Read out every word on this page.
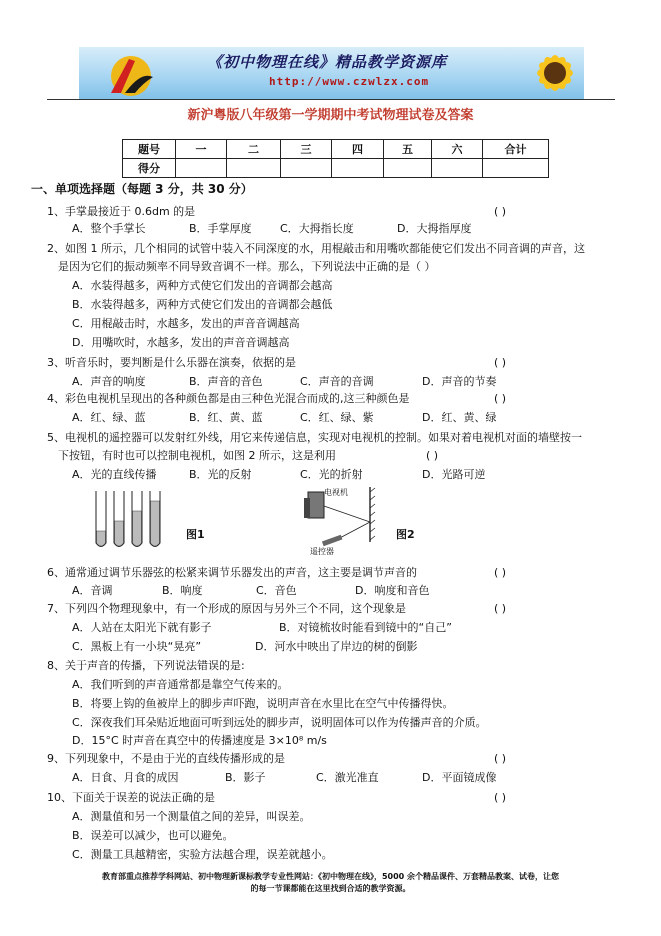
《初中物理在线》精品教学资源库
http://www.czwlzx.com
新沪粤版八年级第一学期期中考试物理试卷及答案
题号	一	二	三	四	五	六	合计
得分							
一、单项选择题（每题 3 分，共 30 分）
1、手掌最接近于 0.6dm 的是	( )
A．整个手掌长	B．手掌厚度	C．大拇指长度	D．大拇指厚度
2、如图 1 所示，几个相同的试管中装入不同深度的水，用棍敲击和用嘴吹都能使它们发出不同音调的声音，这
是因为它们的振动频率不同导致音调不一样。那么，下列说法中正确的是（ ）
A．水装得越多，两种方式使它们发出的音调都会越高
B．水装得越多，两种方式使它们发出的音调都会越低
C．用棍敲击时，水越多，发出的声音音调越高
D．用嘴吹时，水越多，发出的声音音调越高
3、听音乐时，要判断是什么乐器在演奏，依据的是	( )
A．声音的响度	B．声音的音色	C．声音的音调	D．声音的节奏
4、彩色电视机呈现出的各种颜色都是由三种色光混合而成的,这三种颜色是	( )
A．红、绿、蓝	B．红、黄、蓝	C．红、绿、紫	D．红、黄、绿
5、电视机的遥控器可以发射红外线，用它来传递信息，实现对电视机的控制。如果对着电视机对面的墙壁按一
下按钮，有时也可以控制电视机，如图 2 所示，这是利用	( )
A．光的直线传播	B．光的反射	C．光的折射	D．光路可逆
图1
电视机
遥控器
图2
6、通常通过调节乐器弦的松紧来调节乐器发出的声音，这主要是调节声音的	( )
A．音调	B．响度	C．音色	D．响度和音色
7、下列四个物理现象中，有一个形成的原因与另外三个不同，这个现象是	( )
A．人站在太阳光下就有影子	B．对镜梳妆时能看到镜中的“自己”
C．黑板上有一小块“晃亮”	D．河水中映出了岸边的树的倒影
8、关于声音的传播，下列说法错误的是:
A．我们听到的声音通常都是靠空气传来的。
B．将要上钩的鱼被岸上的脚步声吓跑，说明声音在水里比在空气中传播得快。
C．深夜我们耳朵贴近地面可听到远处的脚步声，说明固体可以作为传播声音的介质。
D．15°C 时声音在真空中的传播速度是 3×10⁸ m/s
9、下列现象中，不是由于光的直线传播形成的是	( )
A．日食、月食的成因	B．影子	C．激光准直	D．平面镜成像
10、下面关于误差的说法正确的是	( )
A．测量值和另一个测量值之间的差异，叫误差。
B．误差可以减少，也可以避免。
C．测量工具越精密，实验方法越合理，误差就越小。
教育部重点推荐学科网站、初中物理新课标教学专业性网站：《初中物理在线》，5000 余个精品课件、万套精品教案、试卷，让您
的每一节课都能在这里找到合适的教学资源。
